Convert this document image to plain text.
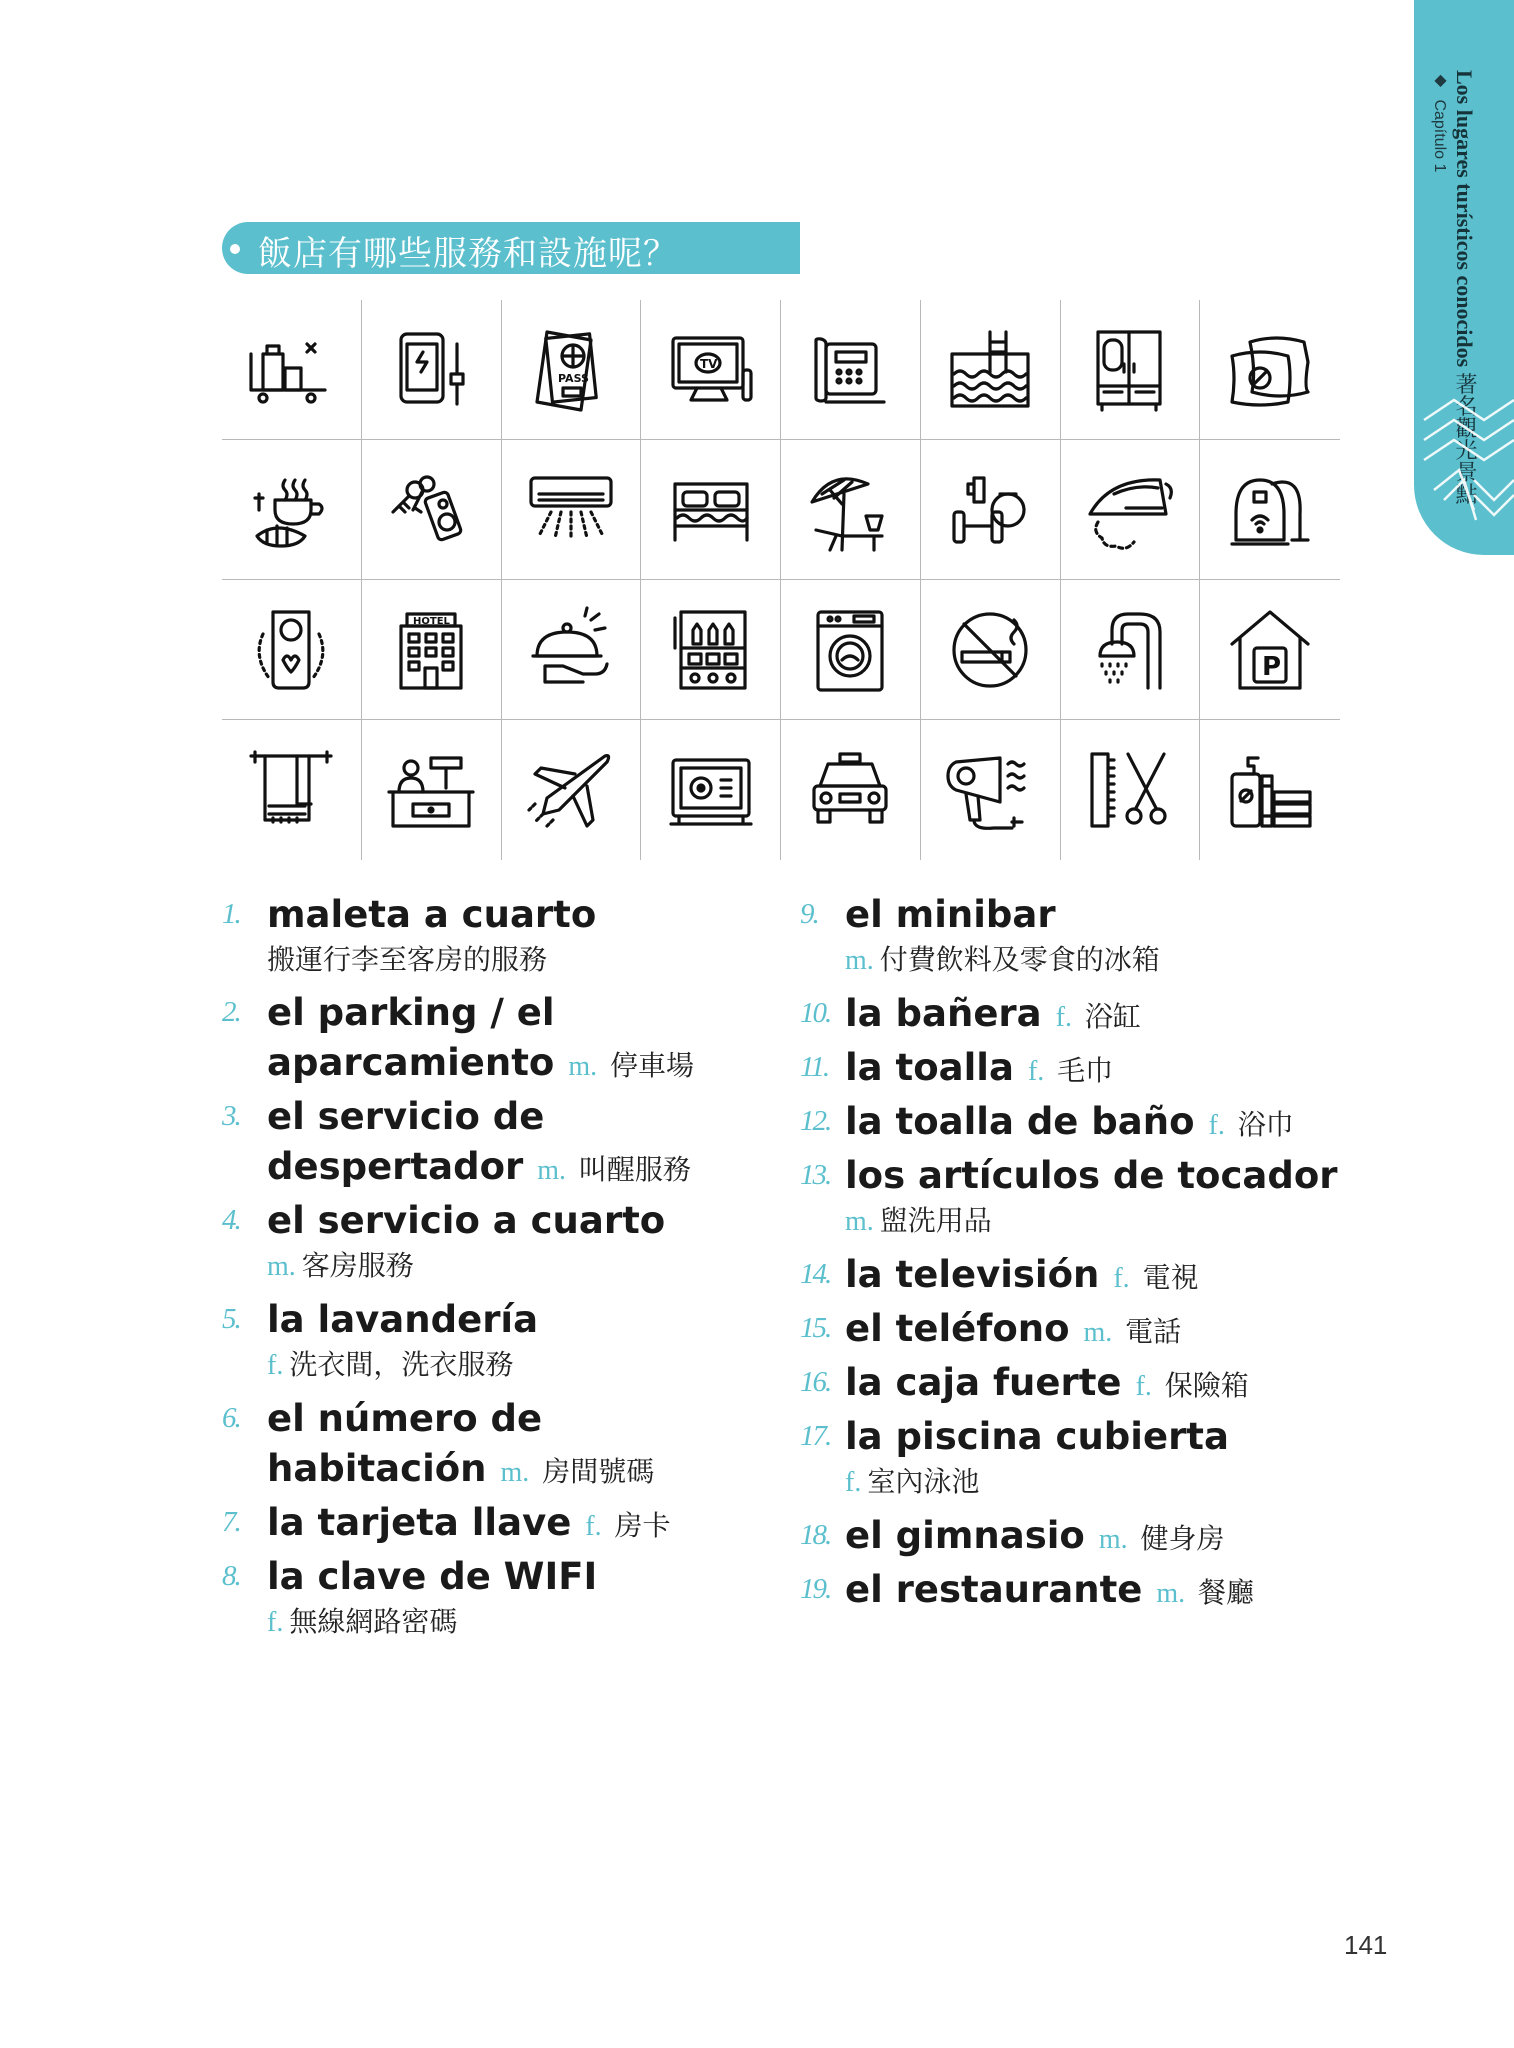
Los lugares turísticos conocidos 著名觀光景點
◆ Capítulo 1
飯店有哪些服務和設施呢？
PASS
TV
HOTEL
P
1. maleta a cuarto
搬運行李至客房的服務
2. el parking / el aparcamiento m. 停車場
3. el servicio de despertador m. 叫醒服務
4. el servicio a cuarto
m. 客房服務
5. la lavandería
f. 洗衣間，洗衣服務
6. el número de habitación m. 房間號碼
7. la tarjeta llave f. 房卡
8. la clave de WIFI
f. 無線網路密碼
9. el minibar
m. 付費飲料及零食的冰箱
10. la bañera f. 浴缸
11. la toalla f. 毛巾
12. la toalla de baño f. 浴巾
13. los artículos de tocador
m. 盥洗用品
14. la televisión f. 電視
15. el teléfono m. 電話
16. la caja fuerte f. 保險箱
17. la piscina cubierta
f. 室內泳池
18. el gimnasio m. 健身房
19. el restaurante m. 餐廳
141
